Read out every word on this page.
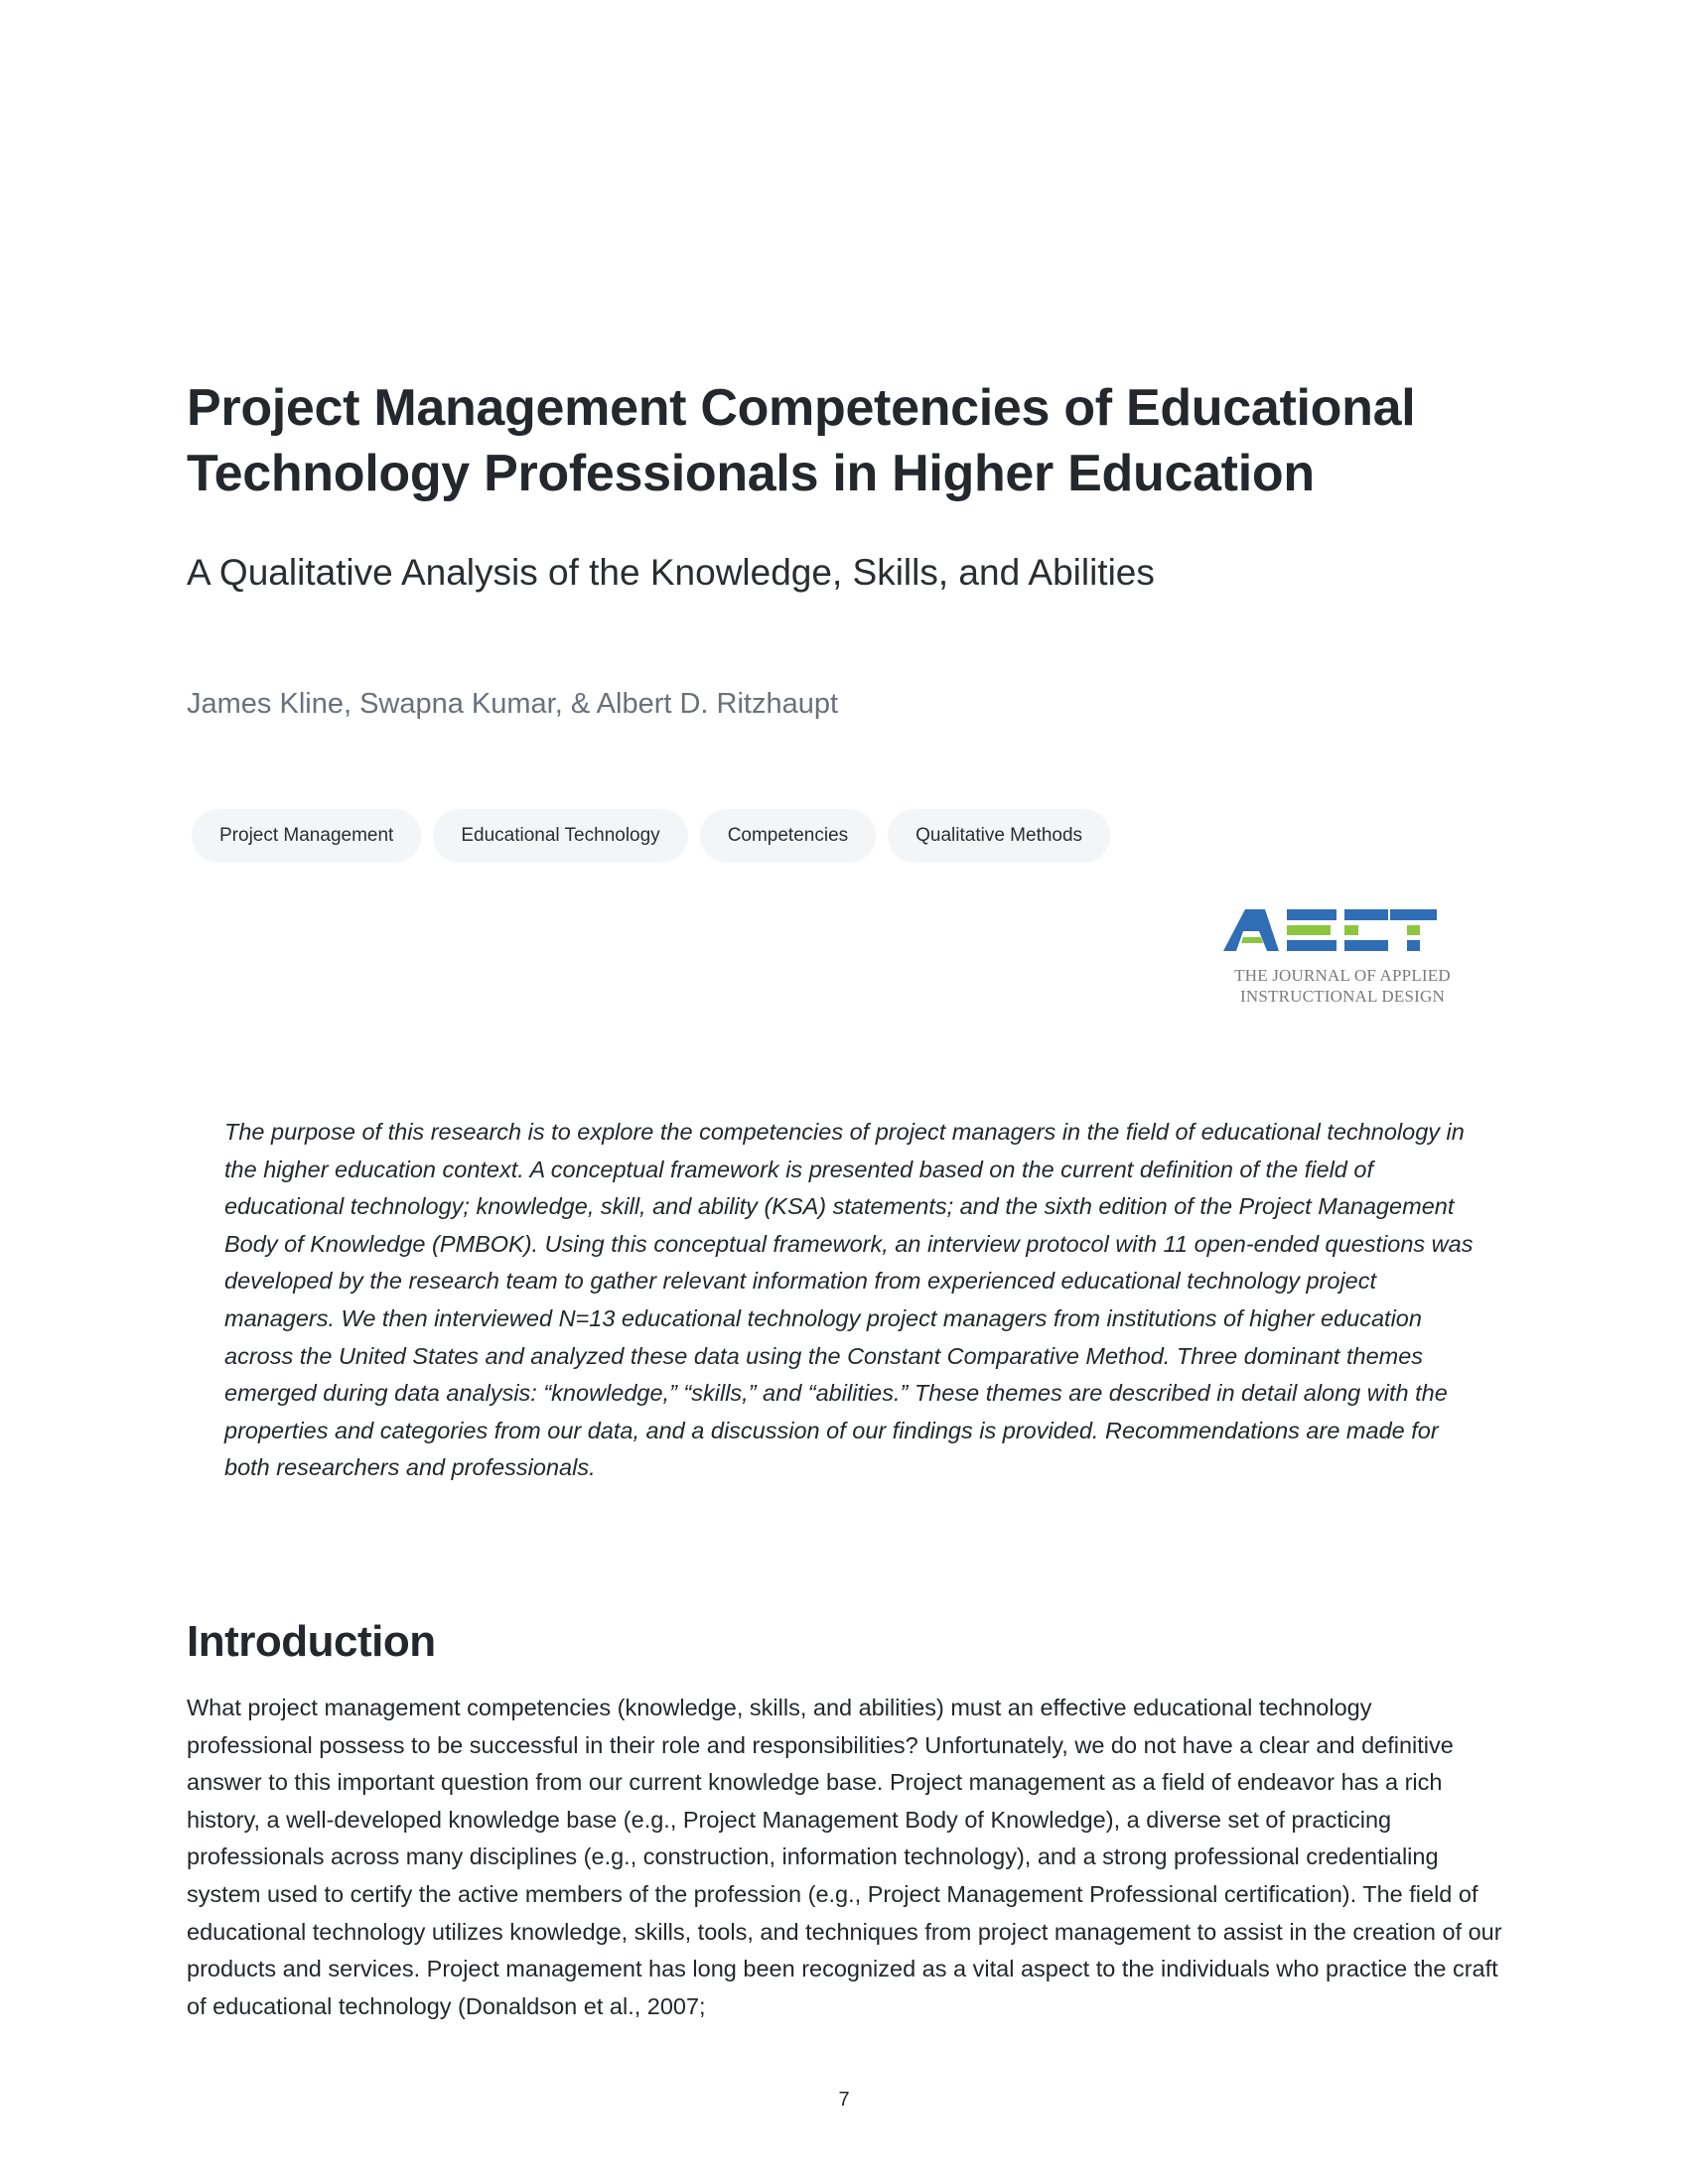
Project Management Competencies of Educational Technology Professionals in Higher Education
A Qualitative Analysis of the Knowledge, Skills, and Abilities

James Kline, Swapna Kumar, & Albert D. Ritzhaupt

Project Management	Educational Technology	Competencies	Qualitative Methods
THE JOURNAL OF APPLIED
INSTRUCTIONAL DESIGN

The purpose of this research is to explore the competencies of project managers in the field of educational technology in the higher education context. A conceptual framework is presented based on the current definition of the field of educational technology; knowledge, skill, and ability (KSA) statements; and the sixth edition of the Project Management Body of Knowledge (PMBOK). Using this conceptual framework, an interview protocol with 11 open-ended questions was developed by the research team to gather relevant information from experienced educational technology project managers. We then interviewed N=13 educational technology project managers from institutions of higher education across the United States and analyzed these data using the Constant Comparative Method. Three dominant themes emerged during data analysis: “knowledge,” “skills,” and “abilities.” These themes are described in detail along with the properties and categories from our data, and a discussion of our findings is provided. Recommendations are made for both researchers and professionals.

Introduction

What project management competencies (knowledge, skills, and abilities) must an effective educational technology professional possess to be successful in their role and responsibilities? Unfortunately, we do not have a clear and definitive answer to this important question from our current knowledge base. Project management as a field of endeavor has a rich history, a well-developed knowledge base (e.g., Project Management Body of Knowledge), a diverse set of practicing professionals across many disciplines (e.g., construction, information technology), and a strong professional credentialing system used to certify the active members of the profession (e.g., Project Management Professional certification). The field of educational technology utilizes knowledge, skills, tools, and techniques from project management to assist in the creation of our products and services. Project management has long been recognized as a vital aspect to the individuals who practice the craft of educational technology (Donaldson et al., 2007;

7
